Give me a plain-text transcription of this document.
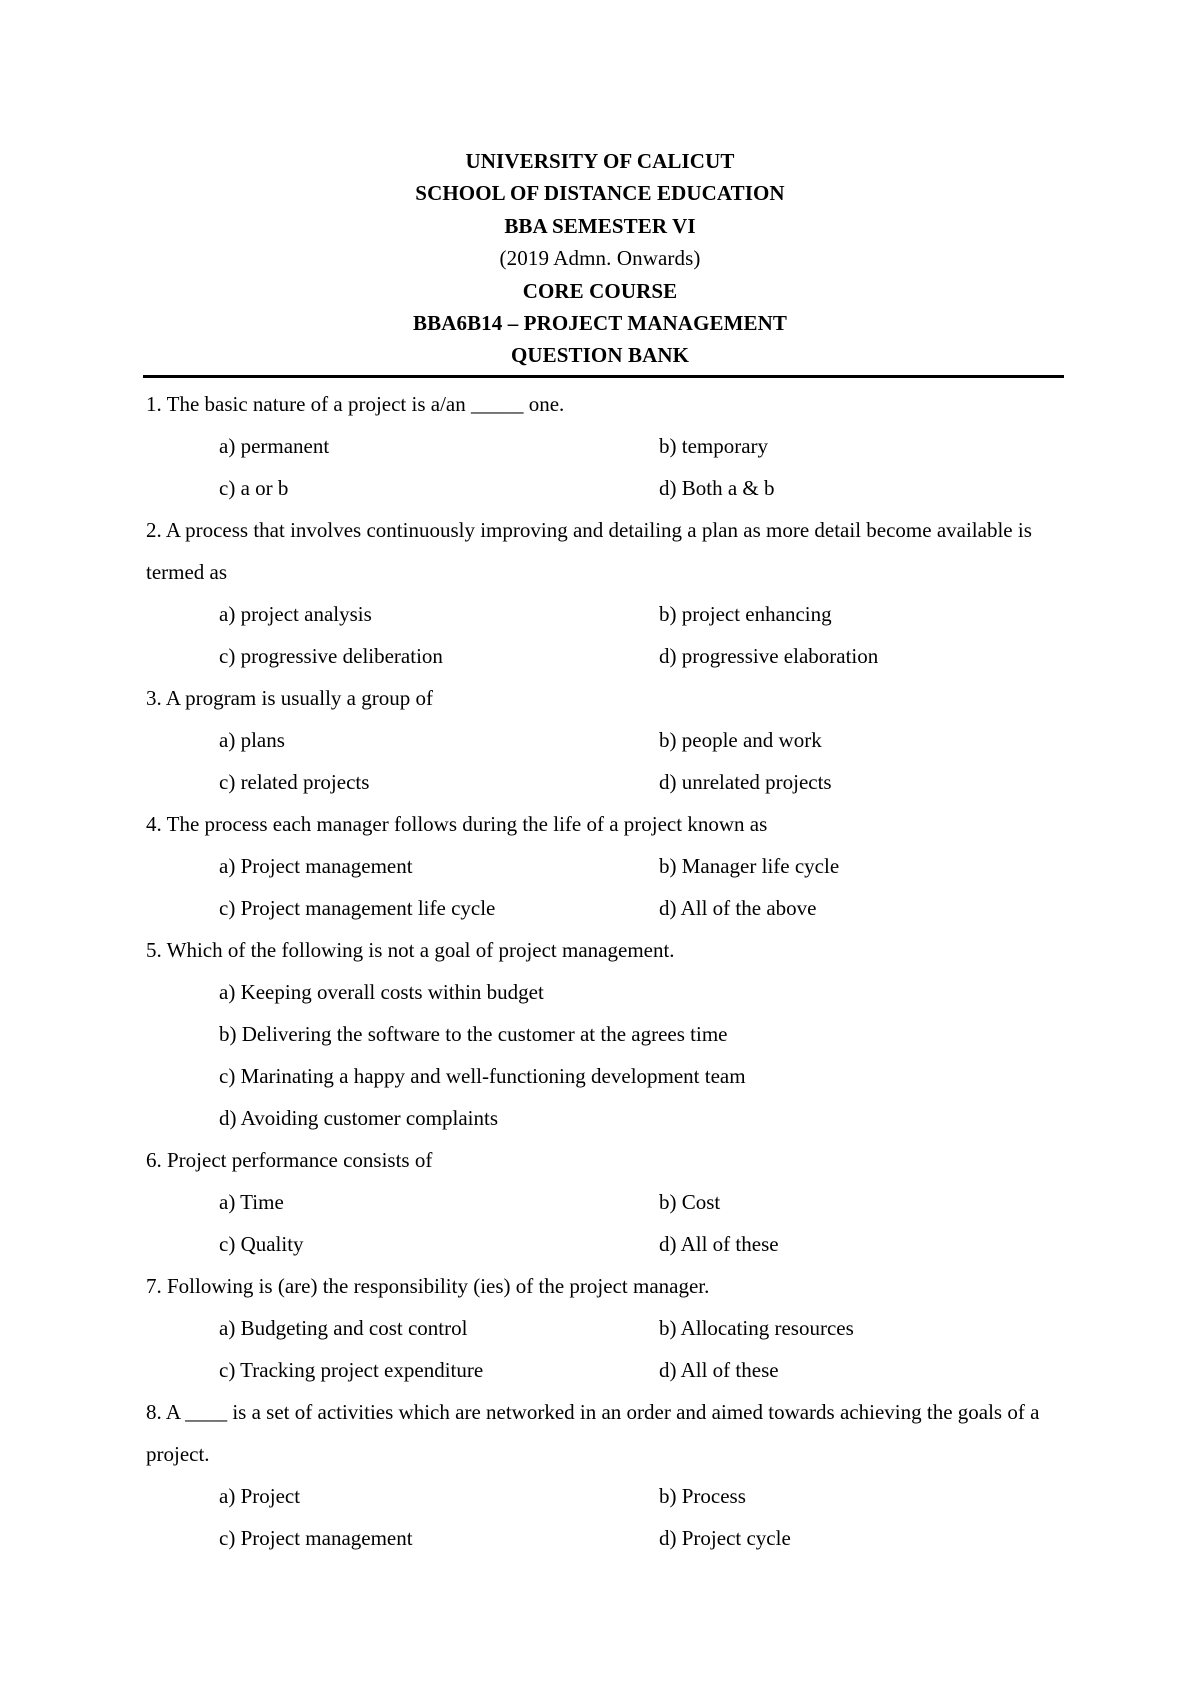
UNIVERSITY OF CALICUT
SCHOOL OF DISTANCE EDUCATION
BBA SEMESTER VI
(2019 Admn. Onwards)
CORE COURSE
BBA6B14 – PROJECT MANAGEMENT
QUESTION BANK
1. The basic nature of a project is a/an _____ one.
a) permanent	b) temporary
c) a or b	d) Both a & b
2. A process that involves continuously improving and detailing a plan as more detail become available is termed as
a) project analysis	b) project enhancing
c) progressive deliberation	d) progressive elaboration
3. A program is usually a group of
a) plans	b) people and work
c) related projects	d) unrelated projects
4. The process each manager follows during the life of a project known as
a) Project management	b) Manager life cycle
c) Project management life cycle	d) All of the above
5. Which of the following is not a goal of project management.
a) Keeping overall costs within budget
b) Delivering the software to the customer at the agrees time
c) Marinating a happy and well-functioning development team
d) Avoiding customer complaints
6. Project performance consists of
a) Time	b) Cost
c) Quality	d) All of these
7. Following is (are) the responsibility (ies) of the project manager.
a) Budgeting and cost control	b) Allocating resources
c) Tracking project expenditure	d) All of these
8. A ____ is a set of activities which are networked in an order and aimed towards achieving the goals of a project.
a) Project	b) Process
c) Project management	d) Project cycle
